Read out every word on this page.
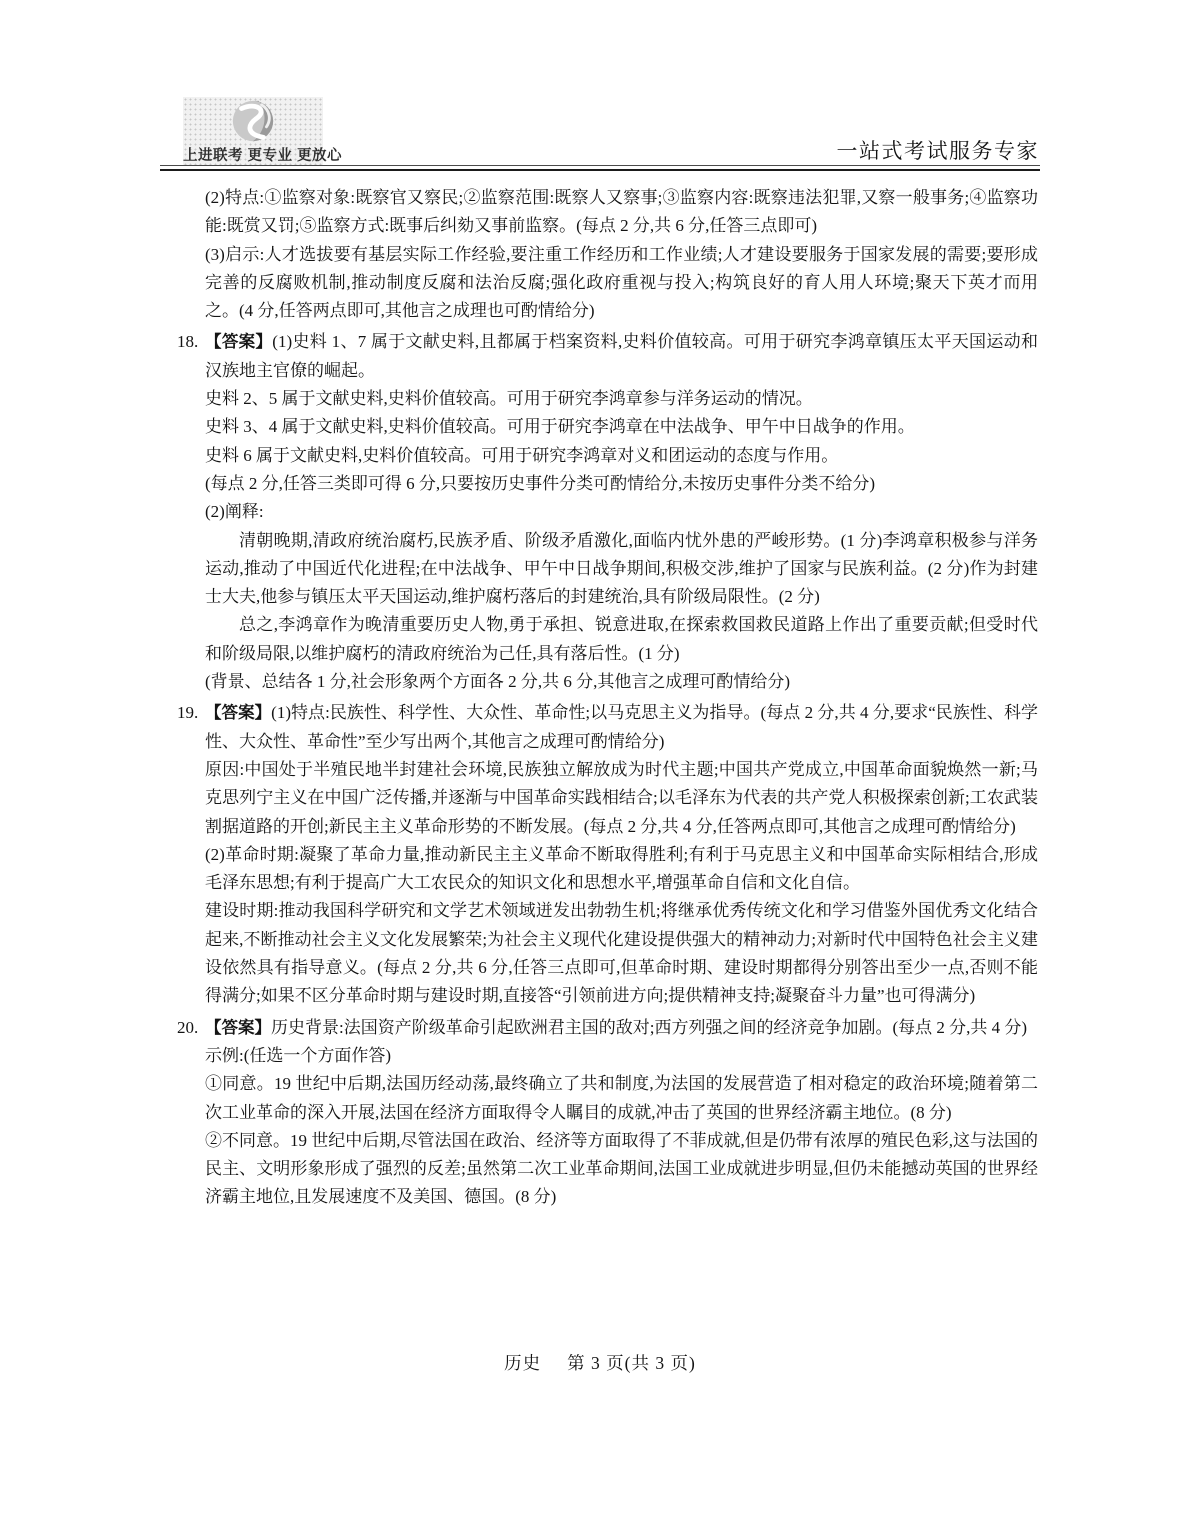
上进联考 更专业 更放心	一站式考试服务专家
(2)特点:①监察对象:既察官又察民;②监察范围:既察人又察事;③监察内容:既察违法犯罪,又察一般事务;④监察功能:既赏又罚;⑤监察方式:既事后纠劾又事前监察。(每点 2 分,共 6 分,任答三点即可)
(3)启示:人才选拔要有基层实际工作经验,要注重工作经历和工作业绩;人才建设要服务于国家发展的需要;要形成完善的反腐败机制,推动制度反腐和法治反腐;强化政府重视与投入;构筑良好的育人用人环境;聚天下英才而用之。(4 分,任答两点即可,其他言之成理也可酌情给分)
18. 【答案】(1)史料 1、7 属于文献史料,且都属于档案资料,史料价值较高。可用于研究李鸿章镇压太平天国运动和汉族地主官僚的崛起。
史料 2、5 属于文献史料,史料价值较高。可用于研究李鸿章参与洋务运动的情况。
史料 3、4 属于文献史料,史料价值较高。可用于研究李鸿章在中法战争、甲午中日战争的作用。
史料 6 属于文献史料,史料价值较高。可用于研究李鸿章对义和团运动的态度与作用。
(每点 2 分,任答三类即可得 6 分,只要按历史事件分类可酌情给分,未按历史事件分类不给分)
(2)阐释:
清朝晚期,清政府统治腐朽,民族矛盾、阶级矛盾激化,面临内忧外患的严峻形势。(1 分)李鸿章积极参与洋务运动,推动了中国近代化进程;在中法战争、甲午中日战争期间,积极交涉,维护了国家与民族利益。(2 分)作为封建士大夫,他参与镇压太平天国运动,维护腐朽落后的封建统治,具有阶级局限性。(2 分)
总之,李鸿章作为晚清重要历史人物,勇于承担、锐意进取,在探索救国救民道路上作出了重要贡献;但受时代和阶级局限,以维护腐朽的清政府统治为己任,具有落后性。(1 分)
(背景、总结各 1 分,社会形象两个方面各 2 分,共 6 分,其他言之成理可酌情给分)
19. 【答案】(1)特点:民族性、科学性、大众性、革命性;以马克思主义为指导。(每点 2 分,共 4 分,要求“民族性、科学性、大众性、革命性”至少写出两个,其他言之成理可酌情给分)
原因:中国处于半殖民地半封建社会环境,民族独立解放成为时代主题;中国共产党成立,中国革命面貌焕然一新;马克思列宁主义在中国广泛传播,并逐渐与中国革命实践相结合;以毛泽东为代表的共产党人积极探索创新;工农武装割据道路的开创;新民主主义革命形势的不断发展。(每点 2 分,共 4 分,任答两点即可,其他言之成理可酌情给分)
(2)革命时期:凝聚了革命力量,推动新民主主义革命不断取得胜利;有利于马克思主义和中国革命实际相结合,形成毛泽东思想;有利于提高广大工农民众的知识文化和思想水平,增强革命自信和文化自信。
建设时期:推动我国科学研究和文学艺术领域迸发出勃勃生机;将继承优秀传统文化和学习借鉴外国优秀文化结合起来,不断推动社会主义文化发展繁荣;为社会主义现代化建设提供强大的精神动力;对新时代中国特色社会主义建设依然具有指导意义。(每点 2 分,共 6 分,任答三点即可,但革命时期、建设时期都得分别答出至少一点,否则不能得满分;如果不区分革命时期与建设时期,直接答“引领前进方向;提供精神支持;凝聚奋斗力量”也可得满分)
20. 【答案】历史背景:法国资产阶级革命引起欧洲君主国的敌对;西方列强之间的经济竞争加剧。(每点 2 分,共 4 分)
示例:(任选一个方面作答)
①同意。19 世纪中后期,法国历经动荡,最终确立了共和制度,为法国的发展营造了相对稳定的政治环境;随着第二次工业革命的深入开展,法国在经济方面取得令人瞩目的成就,冲击了英国的世界经济霸主地位。(8 分)
②不同意。19 世纪中后期,尽管法国在政治、经济等方面取得了不菲成就,但是仍带有浓厚的殖民色彩,这与法国的民主、文明形象形成了强烈的反差;虽然第二次工业革命期间,法国工业成就进步明显,但仍未能撼动英国的世界经济霸主地位,且发展速度不及美国、德国。(8 分)
历史 第 3 页(共 3 页)
